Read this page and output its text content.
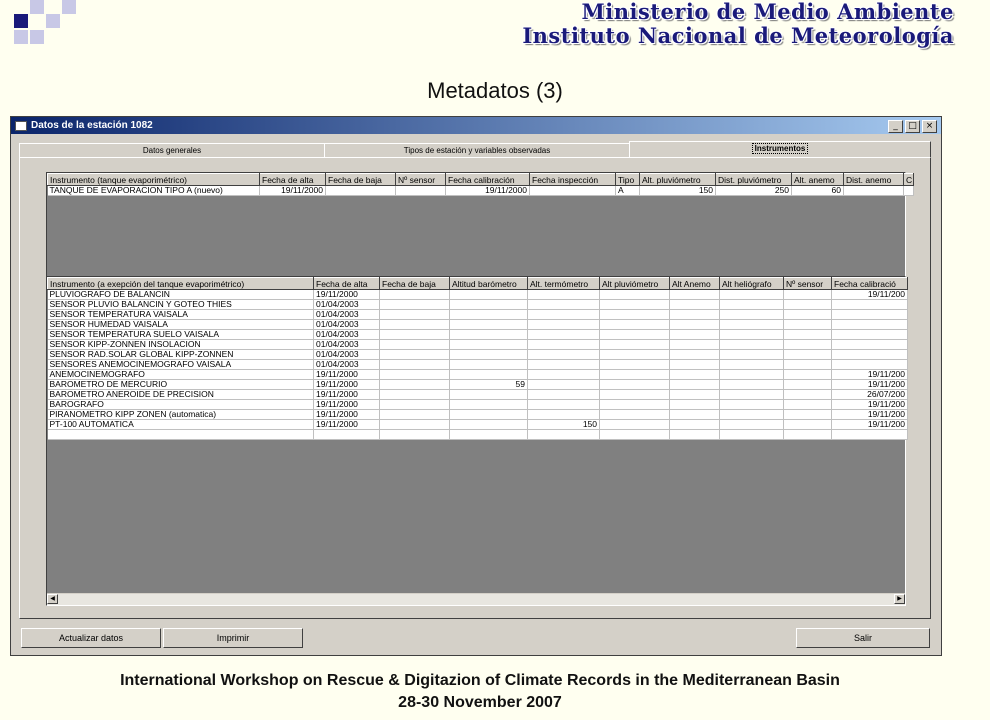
Ministerio de Medio Ambiente
Instituto Nacional de Meteorología
Metadatos (3)
Datos de la estación 1082	_	□ ×
Datos generales	Tipos de estación y variables observadas	Instrumentos
Instrumento (tanque evaporimétrico)	Fecha de alta	Fecha de baja	Nº sensor	Fecha calibración	Fecha inspección	Tipo	Alt. pluviómetro	Dist. pluviómetro	Alt. anemo	Dist. anemo	C
TANQUE DE EVAPORACION TIPO A (nuevo)	19/11/2000			19/11/2000		A	150	250	60		
Instrumento (a exepción del tanque evaporimétrico)	Fecha de alta	Fecha de baja	Altitud barómetro	Alt. termómetro	Alt pluviómetro	Alt Anemo	Alt heliógrafo	Nº sensor	Fecha calibració
PLUVIOGRAFO DE BALANCIN	19/11/2000								19/11/200
SENSOR PLUVIO BALANCIN Y GOTEO THIES	01/04/2003								
SENSOR TEMPERATURA VAISALA	01/04/2003								
SENSOR HUMEDAD VAISALA	01/04/2003								
SENSOR TEMPERATURA SUELO VAISALA	01/04/2003								
SENSOR KIPP-ZONNEN INSOLACION	01/04/2003								
SENSOR RAD.SOLAR GLOBAL KIPP-ZONNEN	01/04/2003								
SENSORES ANEMOCINEMOGRAFO VAISALA	01/04/2003								
ANEMOCINEMOGRAFO	19/11/2000								19/11/200
BAROMETRO DE MERCURIO	19/11/2000		59						19/11/200
BAROMETRO ANEROIDE DE PRECISION	19/11/2000								26/07/200
BAROGRAFO	19/11/2000								19/11/200
PIRANOMETRO KIPP ZONEN (automatica)	19/11/2000								19/11/200
PT-100 AUTOMATICA	19/11/2000			150					19/11/200

◀	▶
Actualizar datos	Imprimir	Salir
International Workshop on Rescue & Digitazion of Climate Records in the Mediterranean Basin
28-30 November 2007
